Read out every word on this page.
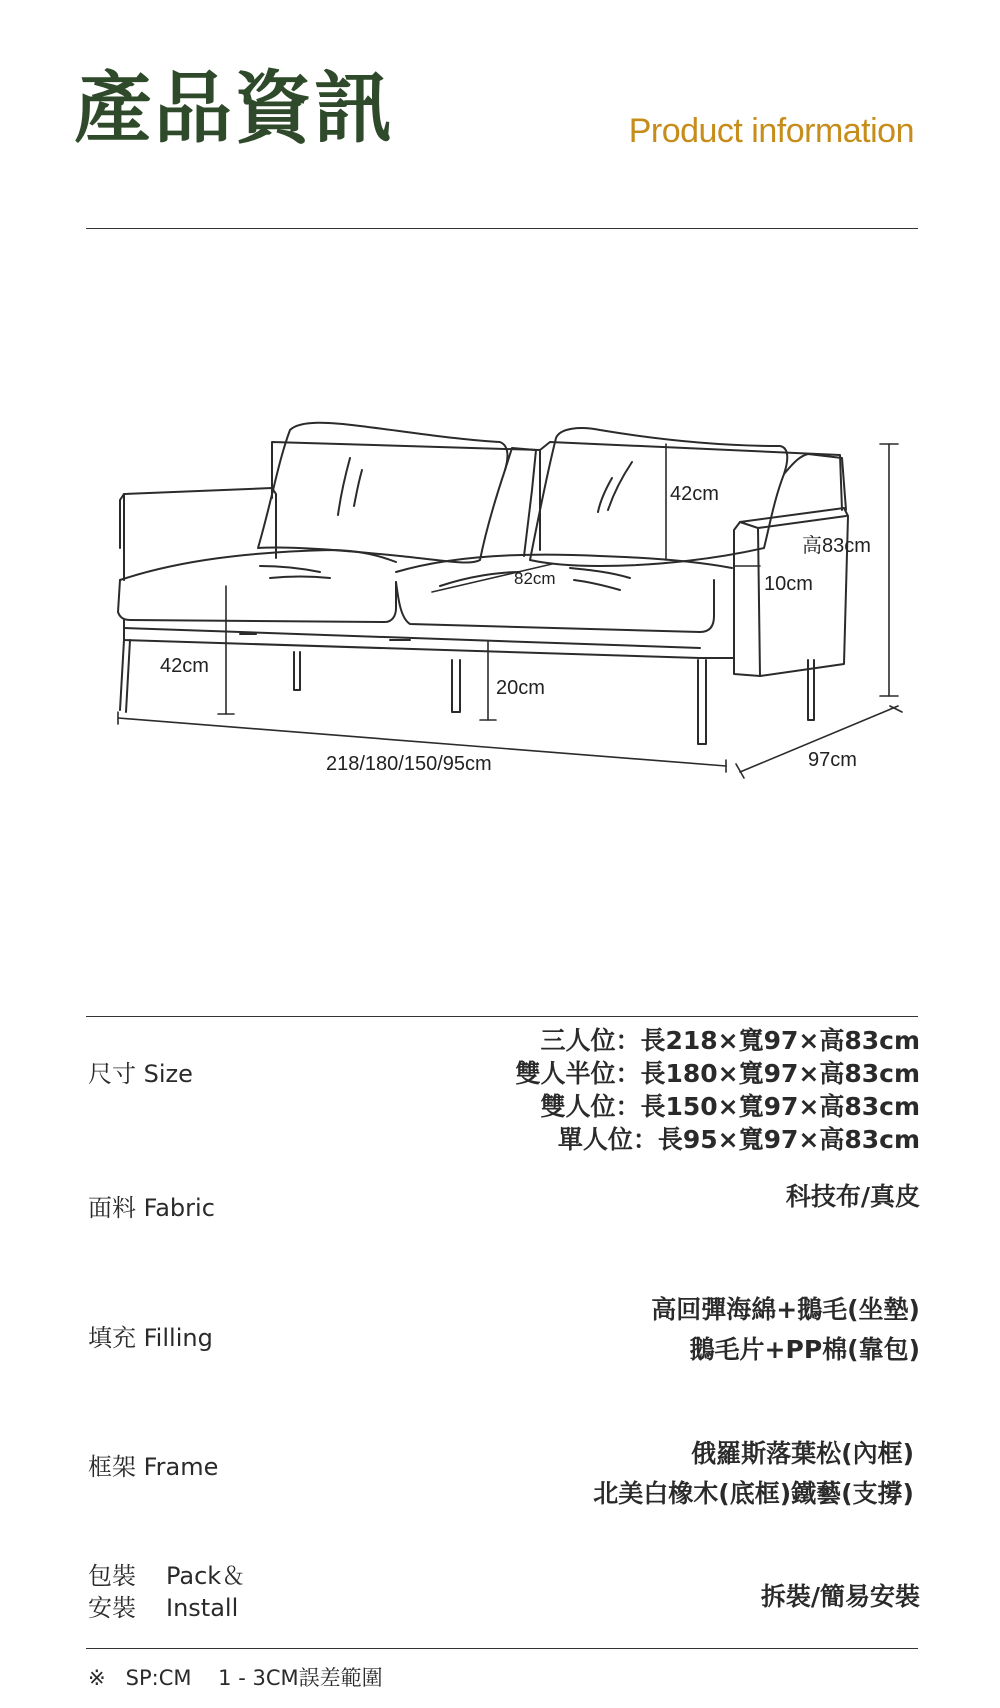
產品資訊	Product information
42cm
高83cm
82cm	10cm
42cm
20cm
218/180/150/95cm	97cm
尺寸 Size
三人位：長218×寬97×高83cm
雙人半位：長180×寬97×高83cm
雙人位：長150×寬97×高83cm
單人位：長95×寬97×高83cm
面料 Fabric	科技布/真皮
填充 Filling
高回彈海綿+鵝毛(坐墊)
鵝毛片+PP棉(靠包)
框架 Frame	俄羅斯落葉松(內框)
北美白橡木(底框)鐵藝(支撐)
包裝 Pack＆
安裝 Install	拆裝/簡易安裝
※   SP:CM    1 - 3CM誤差範圍
